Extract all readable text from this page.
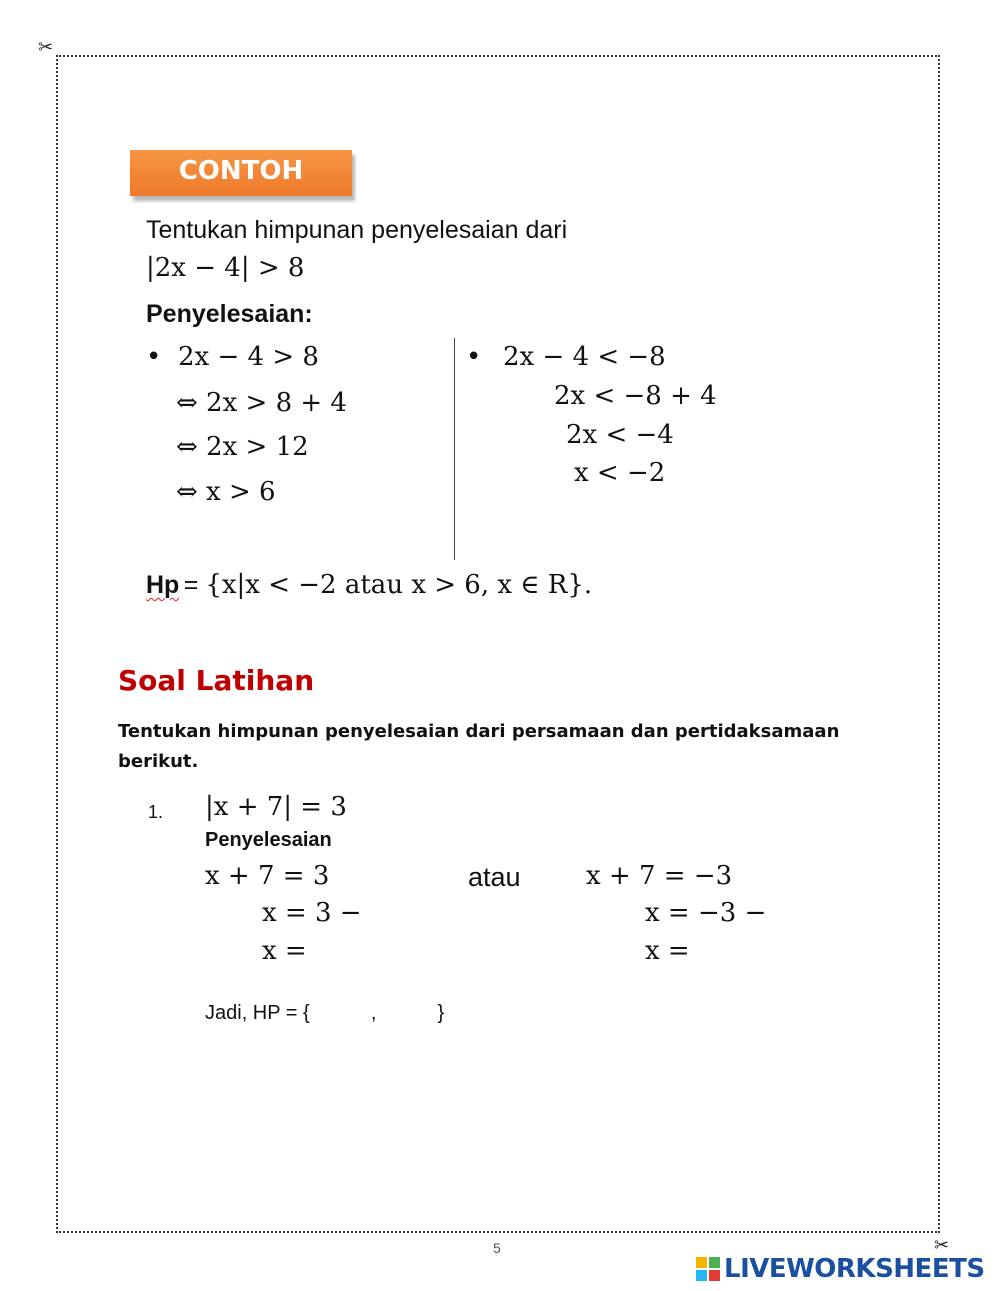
✂
✂
CONTOH
Tentukan himpunan penyelesaian dari
|2x − 4| > 8
Penyelesaian:
• 2x − 4 > 8
⇔ 2x > 8 + 4
⇔ 2x > 12
⇔ x > 6
• 2x − 4 < −8
2x < −8 + 4
2x < −4
x < −2
Hp = {x|x < −2 atau x > 6, x ∈ R}.
Soal Latihan
Tentukan himpunan penyelesaian dari persamaan dan pertidaksamaan berikut.
1. |x + 7| = 3
Penyelesaian
x + 7 = 3	atau	x + 7 = −3
x = 3 −	x = −3 −
x =	x =
Jadi, HP = {           ,           }
5
LIVEWORKSHEETS
